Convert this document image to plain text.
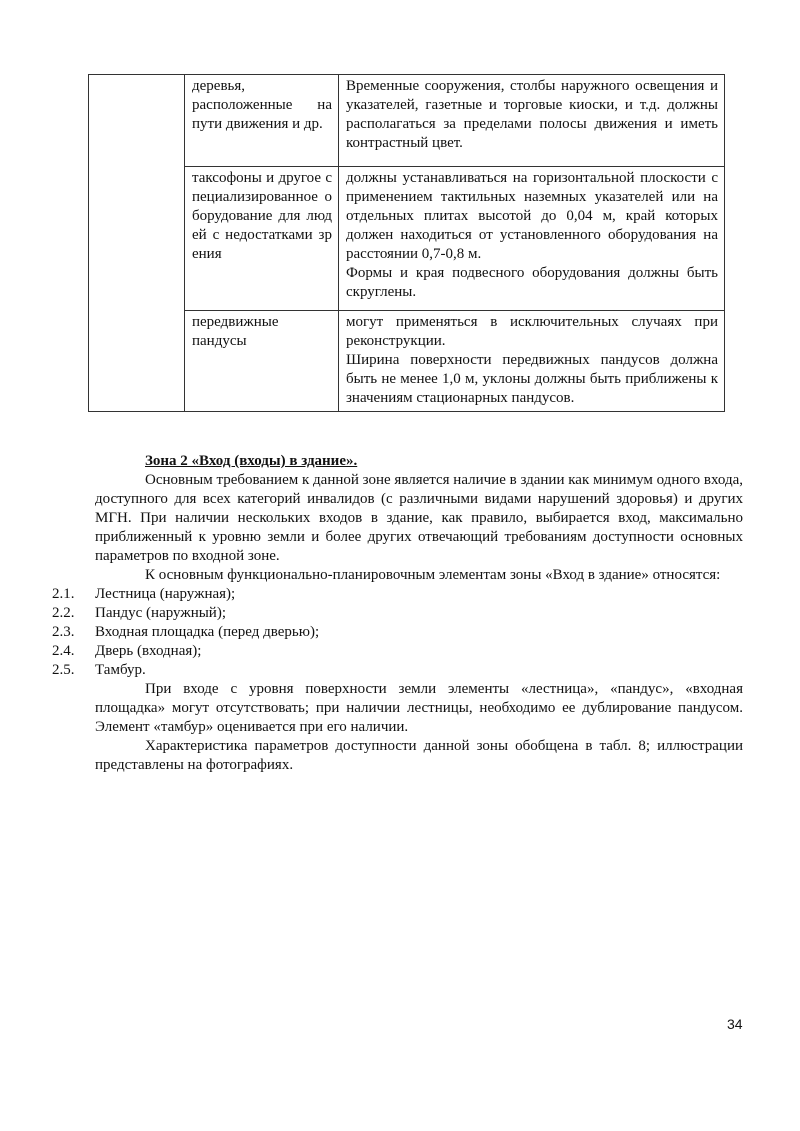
	деревья, расположенные на пути движения и др.	Временные сооружения, столбы наружного освещения и указателей, газетные и торговые киоски, и т.д. должны располагаться за пределами полосы движения и иметь контрастный цвет.

	таксофоны и другое специализированное оборудование для людей с недостатками зрения	должны устанавливаться на горизонтальной плоскости с применением тактильных наземных указателей или на отдельных плитах высотой до 0,04 м, край которых должен находиться от установленного оборудования на расстоянии 0,7-0,8 м.
Формы и края подвесного оборудования должны быть скруглены.

	передвижные пандусы	могут применяться в исключительных случаях при реконструкции.
Ширина поверхности передвижных пандусов должна быть не менее 1,0 м, уклоны должны быть приближены к значениям стационарных пандусов.

Зона 2 «Вход (входы) в здание».

Основным требованием к данной зоне является наличие в здании как минимум одного входа, доступного для всех категорий инвалидов (с различными видами нарушений здоровья) и других МГН. При наличии нескольких входов в здание, как правило, выбирается вход, максимально приближенный к уровню земли и более других отвечающий требованиям доступности основных параметров по входной зоне.

К основным функционально-планировочным элементам зоны «Вход в здание» относятся:

2.1.	Лестница (наружная);
2.2.	Пандус (наружный);
2.3.	Входная площадка (перед дверью);
2.4.	Дверь (входная);
2.5.	Тамбур.

При входе с уровня поверхности земли элементы «лестница», «пандус», «входная площадка» могут отсутствовать; при наличии лестницы, необходимо ее дублирование пандусом. Элемент «тамбур» оценивается при его наличии.

Характеристика параметров доступности данной зоны обобщена в табл. 8; иллюстрации представлены на фотографиях.

34
